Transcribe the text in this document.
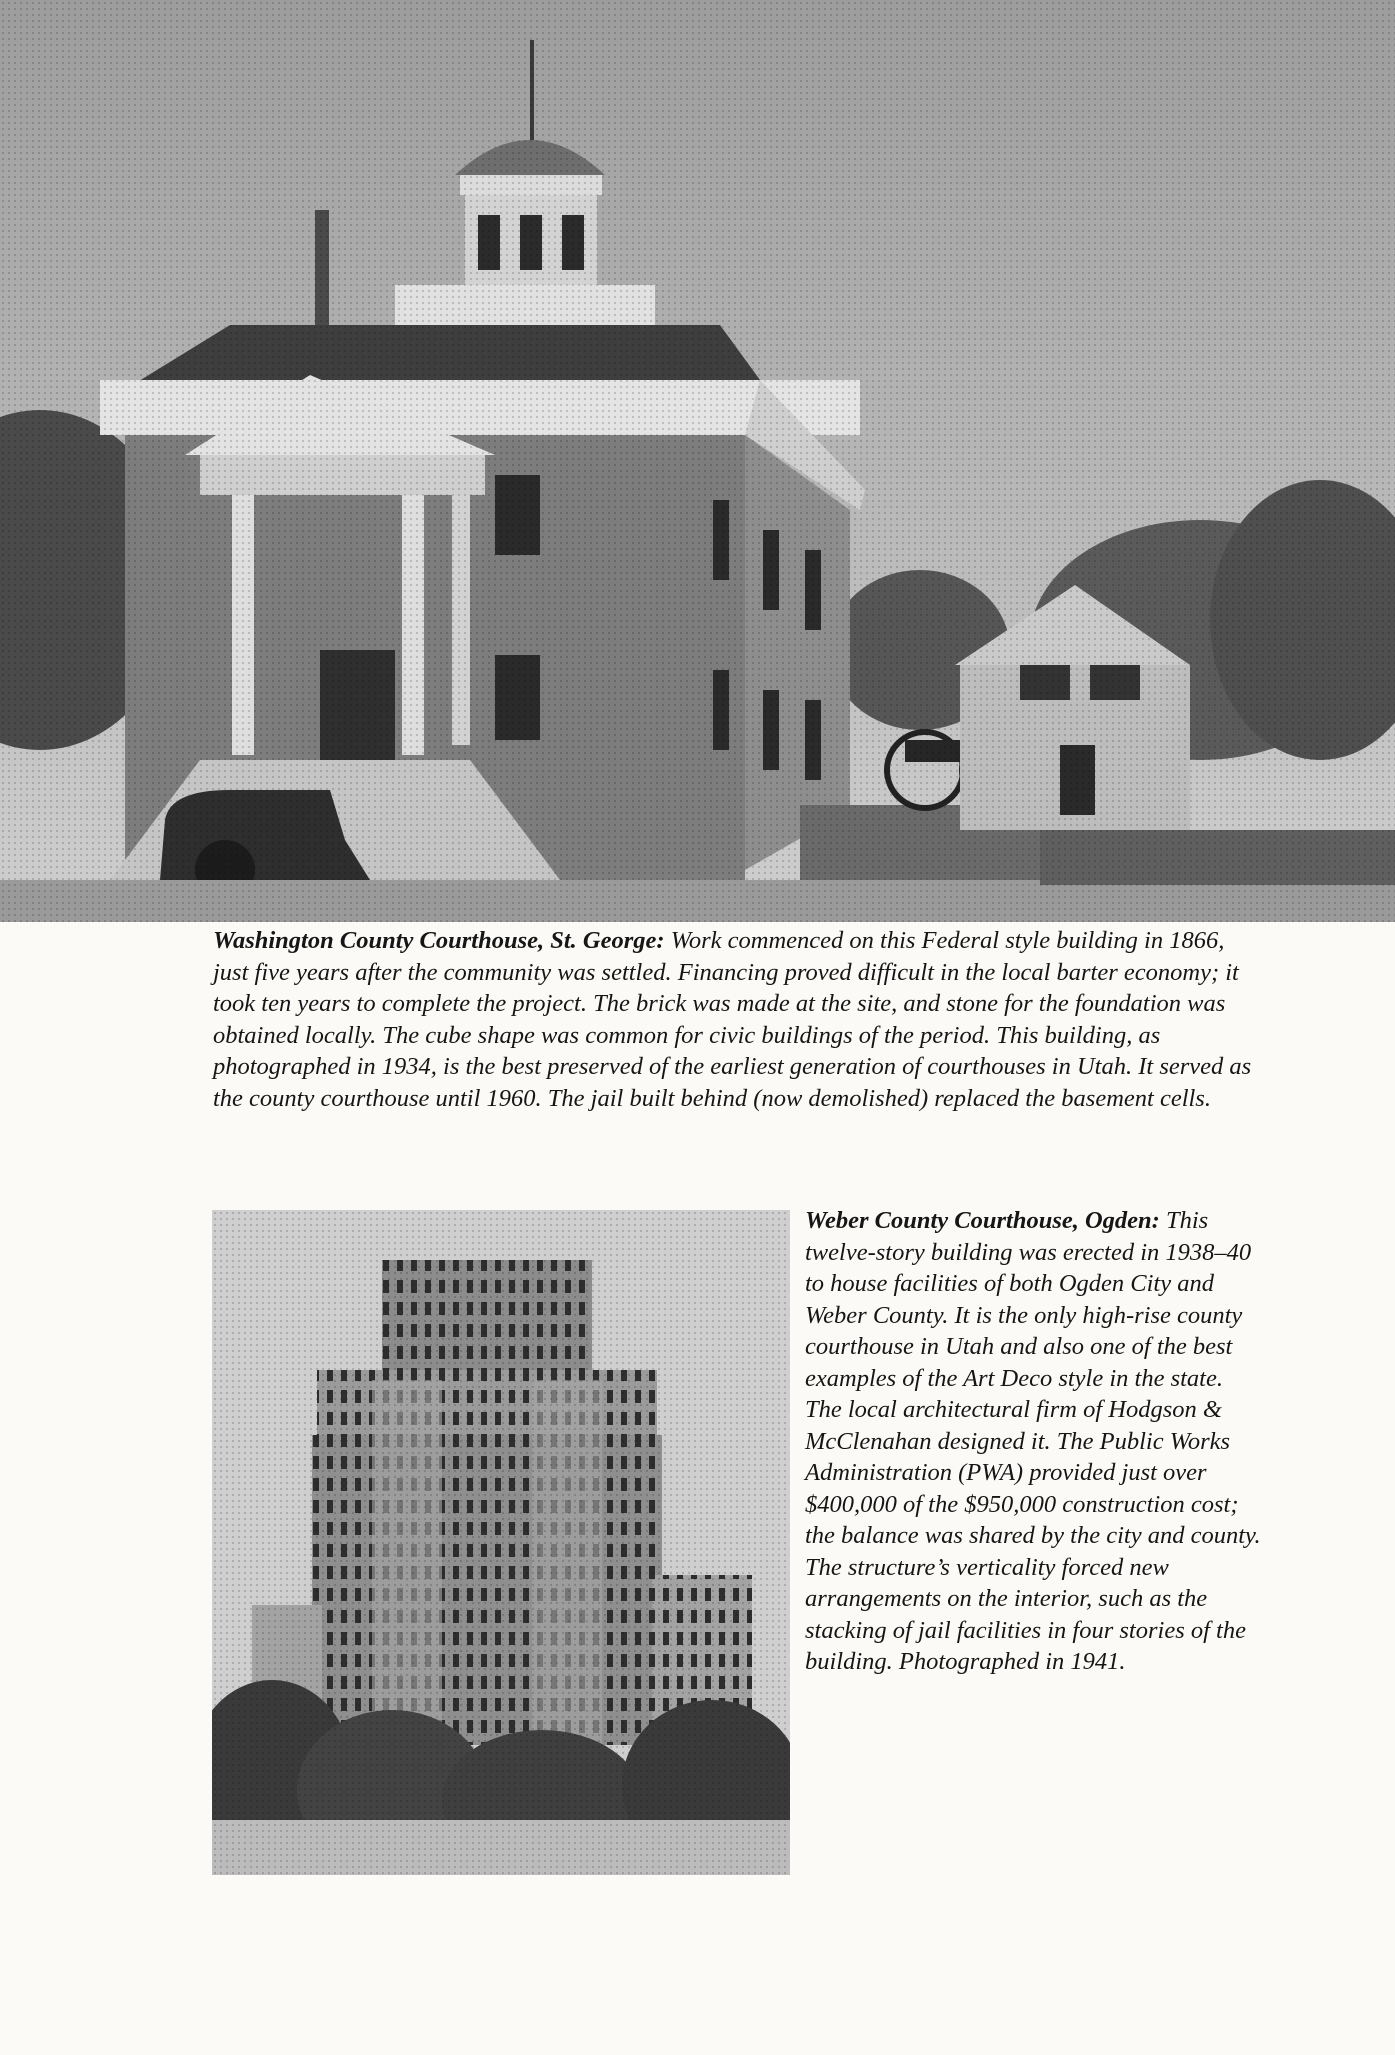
Washington County Courthouse, St. George: Work commenced on this Federal style building in 1866, just five years after the community was settled. Financing proved difficult in the local barter economy; it took ten years to complete the project. The brick was made at the site, and stone for the foundation was obtained locally. The cube shape was common for civic buildings of the period. This building, as photographed in 1934, is the best preserved of the earliest generation of courthouses in Utah. It served as the county courthouse until 1960. The jail built behind (now demolished) replaced the basement cells.
Weber County Courthouse, Ogden: This twelve-story building was erected in 1938–40 to house facilities of both Ogden City and Weber County. It is the only high-rise county courthouse in Utah and also one of the best examples of the Art Deco style in the state. The local architectural firm of Hodgson & McClenahan designed it. The Public Works Administration (PWA) provided just over $400,000 of the $950,000 construction cost; the balance was shared by the city and county. The structure’s verticality forced new arrangements on the interior, such as the stacking of jail facilities in four stories of the building. Photographed in 1941.
